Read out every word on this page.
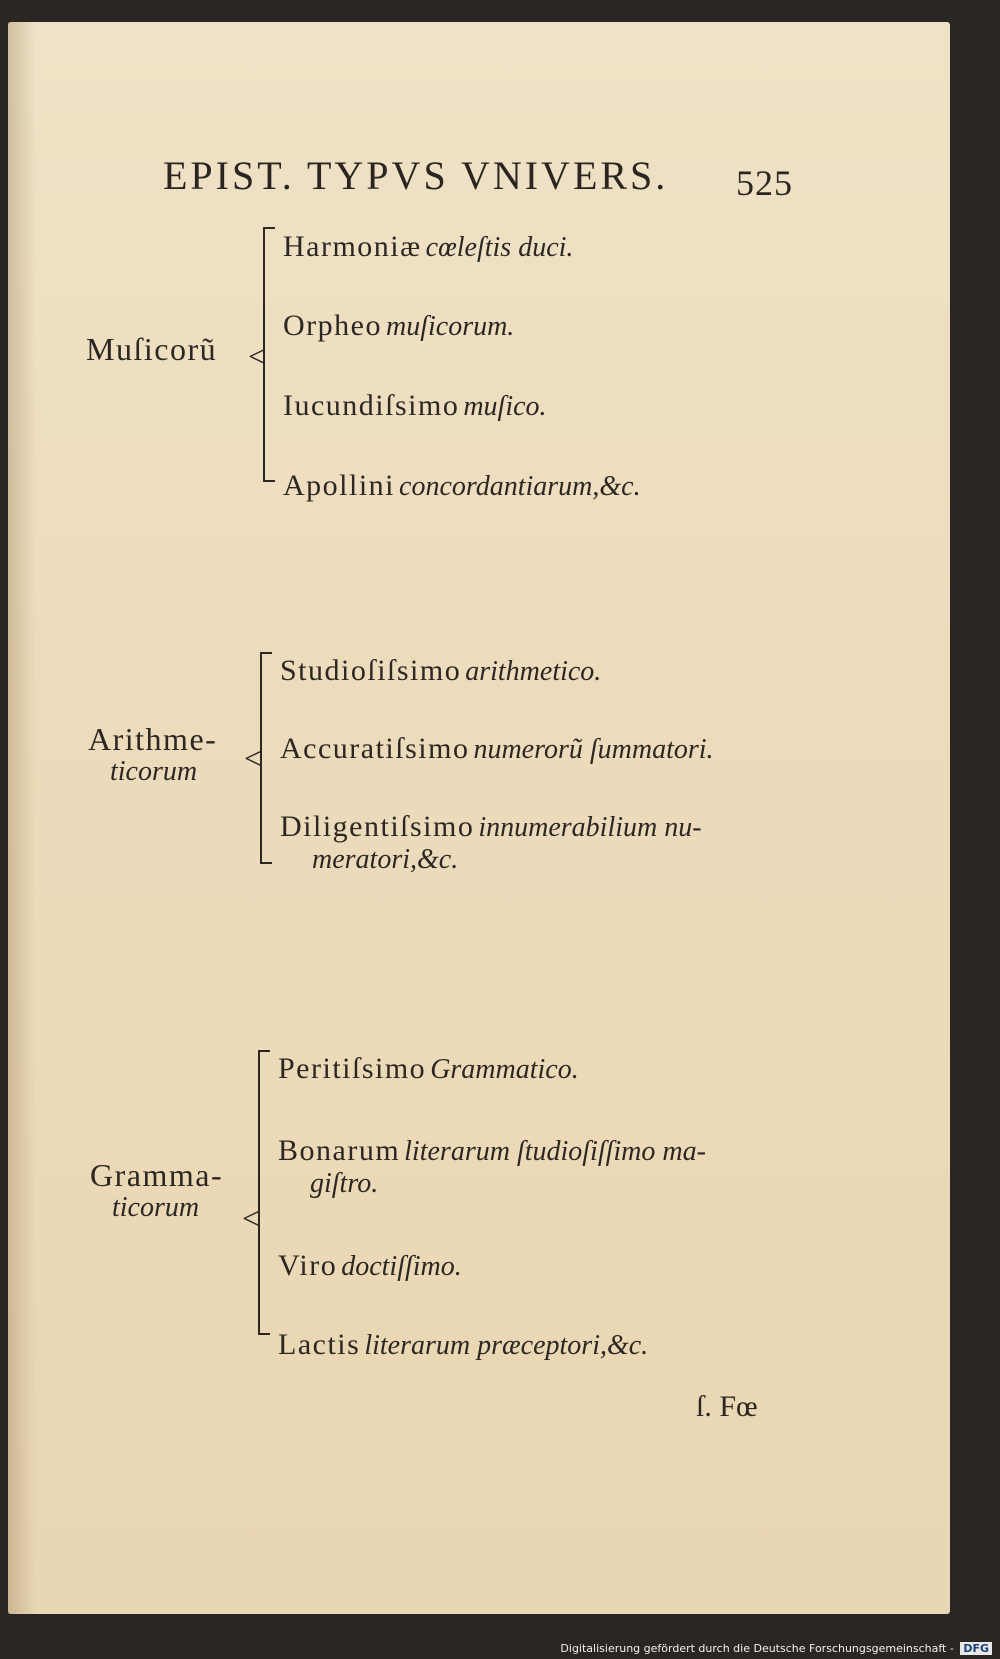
EPIST. TYPVS VNIVERS. 525
Muſicorũ <
Harmoniæ cœleſtis duci.
Orpheo muſicorum.
Iucundiſsimo muſico.
Apollini concordantiarum,&c.
Arithme‑
ticorum	<
Studioſiſsimo arithmetico.
Accuratiſsimo numerorũ ſummatori.
Diligentiſsimo innumerabilium nu‑
meratori,&c.
Gramma‑
ticorum	<
Peritiſsimo Grammatico.
Bonarum literarum ſtudioſiſſimo ma‑
giſtro.
Viro doctiſſimo.
Lactis literarum præceptori,&c.
ſ. Fœ
Digitalisierung gefördert durch die Deutsche Forschungsgemeinschaft - DFG
